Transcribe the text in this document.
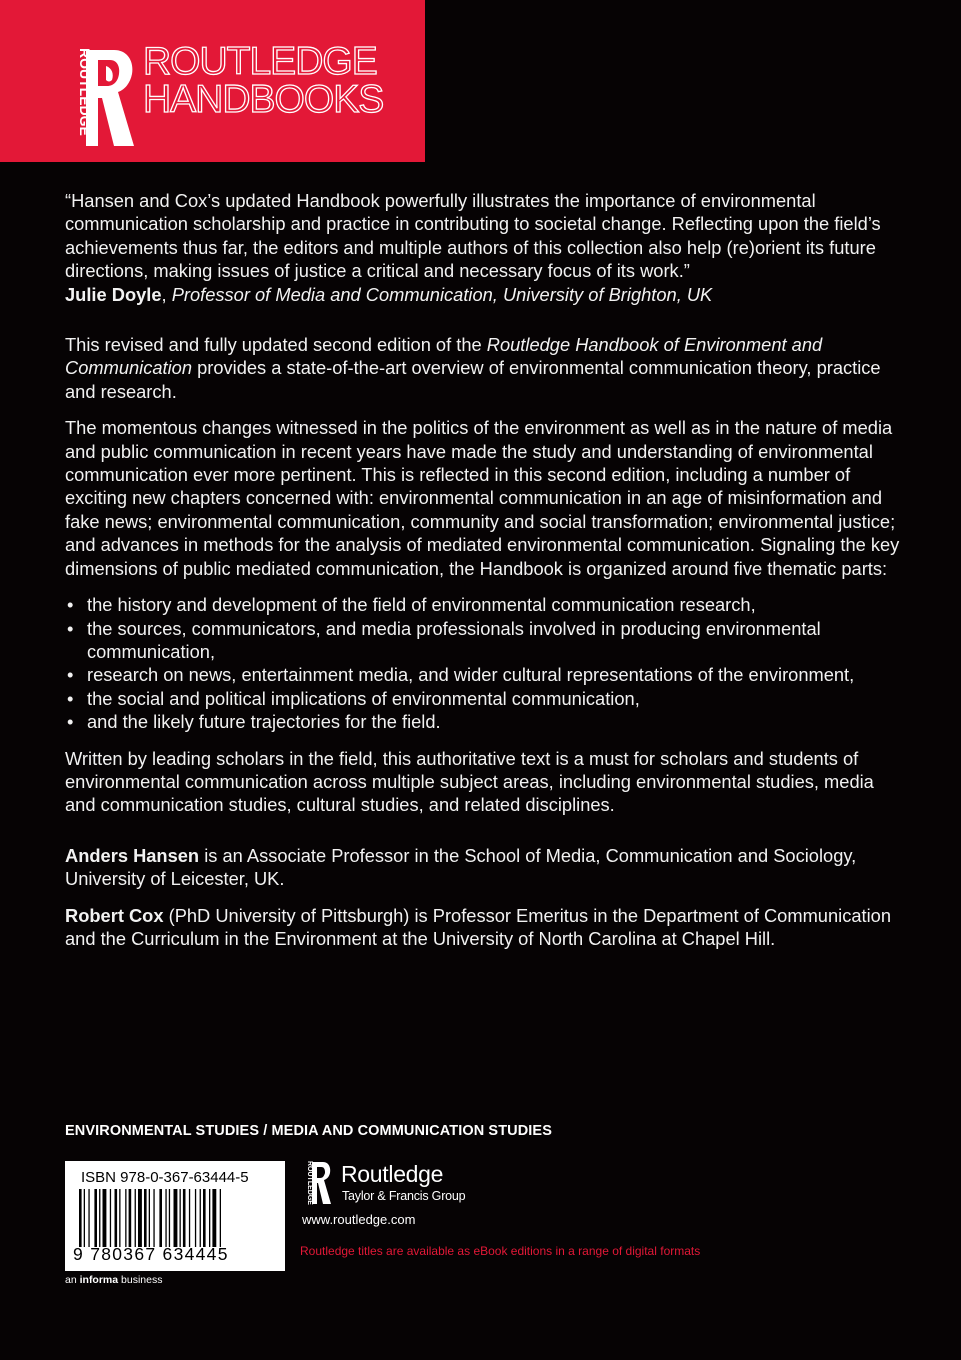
ROUTLEDGE ROUTLEDGE
HANDBOOKS

“Hansen and Cox’s updated Handbook powerfully illustrates the importance of environmental communication scholarship and practice in contributing to societal change. Reflecting upon the field’s achievements thus far, the editors and multiple authors of this collection also help (re)orient its future directions, making issues of justice a critical and necessary focus of its work.”
Julie Doyle, Professor of Media and Communication, University of Brighton, UK

This revised and fully updated second edition of the Routledge Handbook of Environment and Communication provides a state-of-the-art overview of environmental communication theory, practice and research.

The momentous changes witnessed in the politics of the environment as well as in the nature of media and public communication in recent years have made the study and understanding of environmental communication ever more pertinent. This is reflected in this second edition, including a number of exciting new chapters concerned with: environmental communication in an age of misinformation and fake news; environmental communication, community and social transformation; environmental justice; and advances in methods for the analysis of mediated environmental communication. Signaling the key dimensions of public mediated communication, the Handbook is organized around five thematic parts:

• the history and development of the field of environmental communication research,
• the sources, communicators, and media professionals involved in producing environmental communication,
• research on news, entertainment media, and wider cultural representations of the environment,
• the social and political implications of environmental communication,
• and the likely future trajectories for the field.

Written by leading scholars in the field, this authoritative text is a must for scholars and students of environmental communication across multiple subject areas, including environmental studies, media and communication studies, cultural studies, and related disciplines.

Anders Hansen is an Associate Professor in the School of Media, Communication and Sociology, University of Leicester, UK.

Robert Cox (PhD University of Pittsburgh) is Professor Emeritus in the Department of Communication and the Curriculum in the Environment at the University of North Carolina at Chapel Hill.

ENVIRONMENTAL STUDIES / MEDIA AND COMMUNICATION STUDIES
ISBN 978-0-367-63444-5
9 780367 634445
an informa business
ROUTLEDGE Routledge
Taylor & Francis Group
www.routledge.com
Routledge titles are available as eBook editions in a range of digital formats
